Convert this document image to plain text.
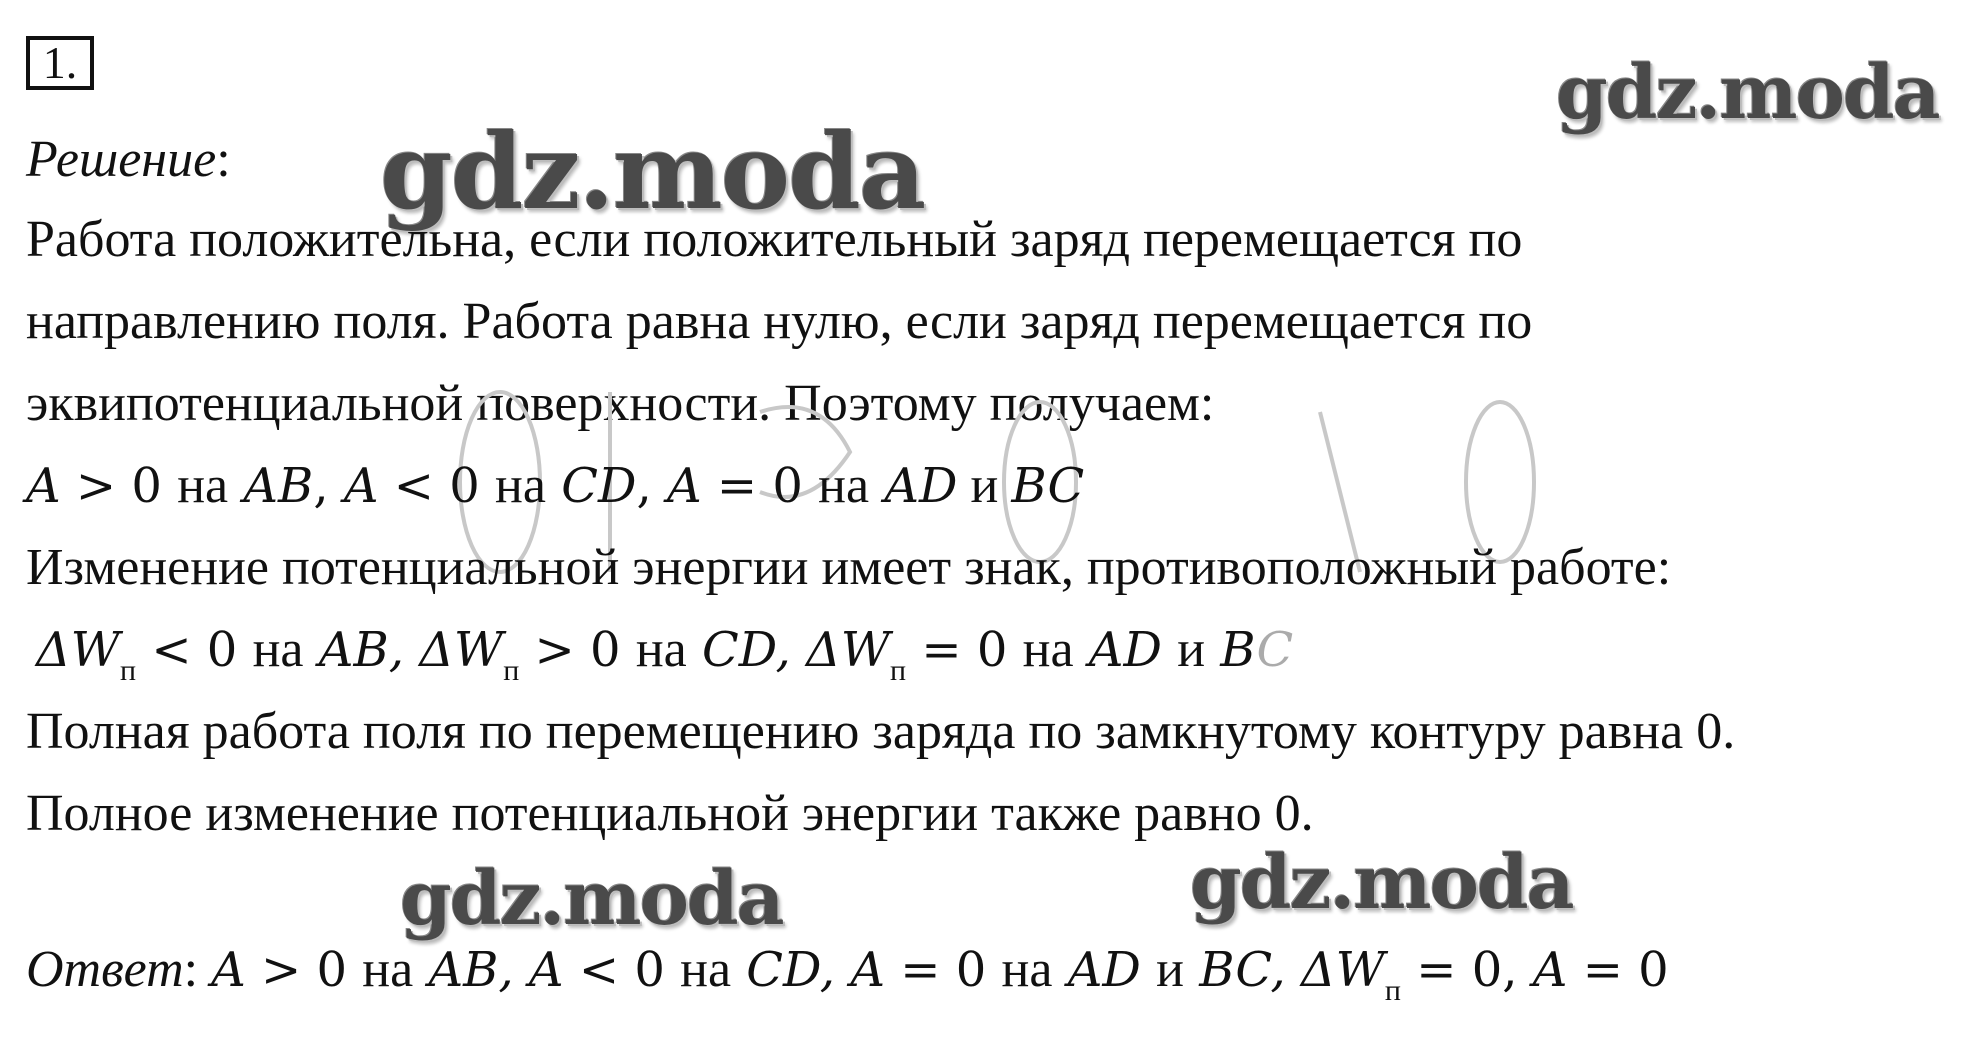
1.	gdz.moda
gdz.moda
Решение:
Работа положительна, если положительный заряд перемещается по
направлению поля. Работа равна нулю, если заряд перемещается по
эквипотенциальной поверхности. Поэтому получаем:
A > 0 на AB, A < 0 на CD, A = 0 на AD и BC
Изменение потенциальной энергии имеет знак, противоположный работе:
$\Delta W_п < 0$ на AB, $\Delta W_п > 0$ на CD, $\Delta W_п = 0$ на AD и BC
Полная работа поля по перемещению заряда по замкнутому контуру равна 0.
Полное изменение потенциальной энергии также равно 0.
gdz.moda	gdz.moda
Ответ: A > 0 на AB, A < 0 на CD, A = 0 на AD и BC, $\Delta W_п = 0$, A = 0
